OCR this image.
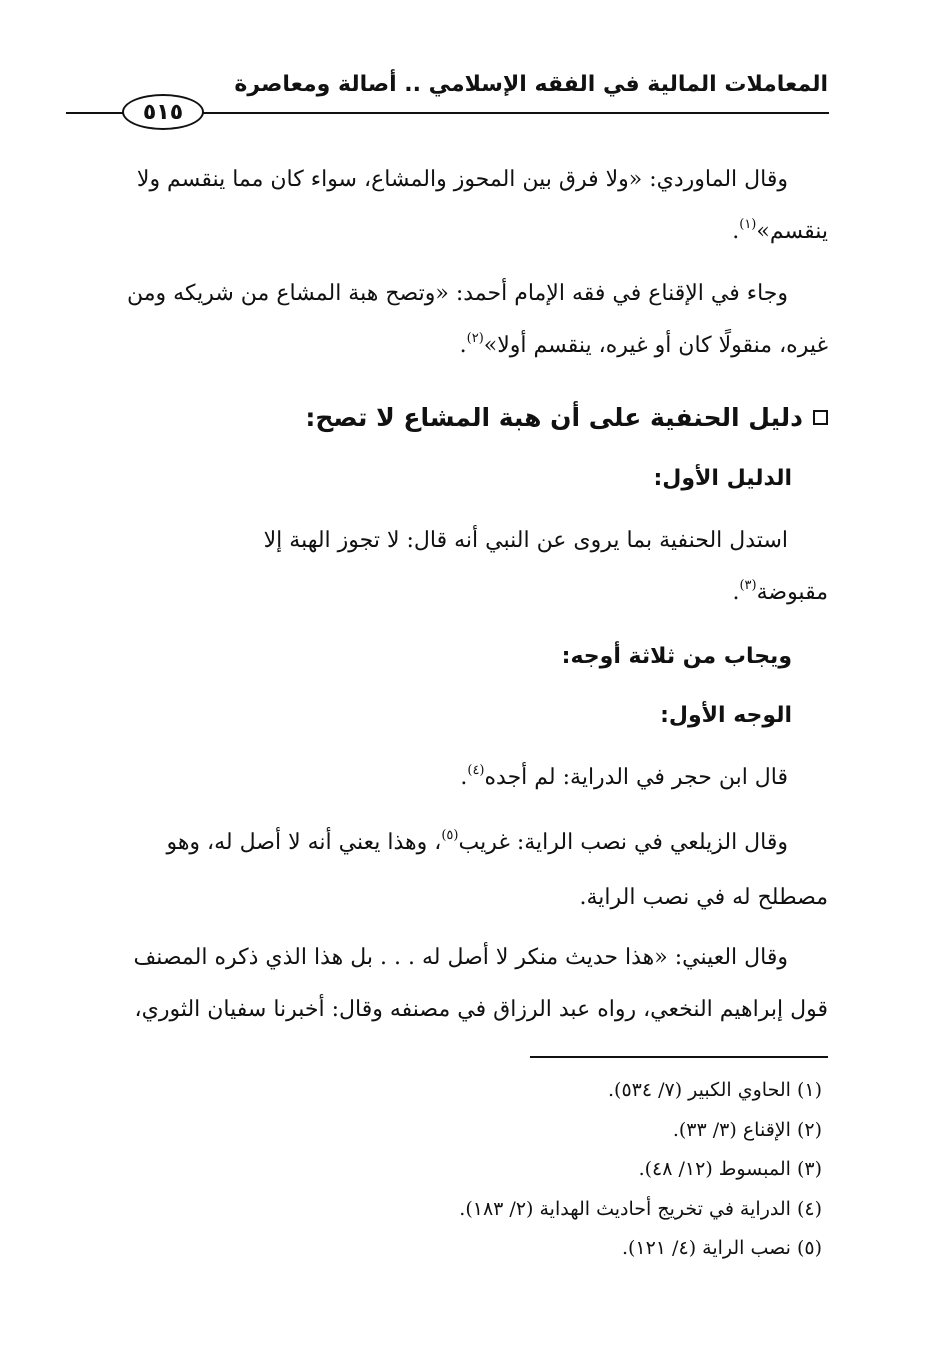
المعاملات المالية في الفقه الإسلامي .. أصالة ومعاصرة
٥١٥
وقال الماوردي: «ولا فرق بين المحوز والمشاع، سواء كان مما ينقسم ولا
ينقسم»$^{(١)}$.
وجاء في الإقناع في فقه الإمام أحمد: «وتصح هبة المشاع من شريكه ومن
غيره، منقولًا كان أو غيره، ينقسم أولا»$^{(٢)}$.
دليل الحنفية على أن هبة المشاع لا تصح:
الدليل الأول:
استدل الحنفية بما يروى عن النبي أنه قال: لا تجوز الهبة إلا
مقبوضة$^{(٣)}$.
ويجاب من ثلاثة أوجه:
الوجه الأول:
قال ابن حجر في الدراية: لم أجده$^{(٤)}$.
وقال الزيلعي في نصب الراية: غريب$^{(٥)}$، وهذا يعني أنه لا أصل له، وهو
مصطلح له في نصب الراية.
وقال العيني: «هذا حديث منكر لا أصل له . . . بل هذا الذي ذكره المصنف
قول إبراهيم النخعي، رواه عبد الرزاق في مصنفه وقال: أخبرنا سفيان الثوري،
(١) الحاوي الكبير (٧/ ٥٣٤).
(٢) الإقناع (٣/ ٣٣).
(٣) المبسوط (١٢/ ٤٨).
(٤) الدراية في تخريج أحاديث الهداية (٢/ ١٨٣).
(٥) نصب الراية (٤/ ١٢١).
